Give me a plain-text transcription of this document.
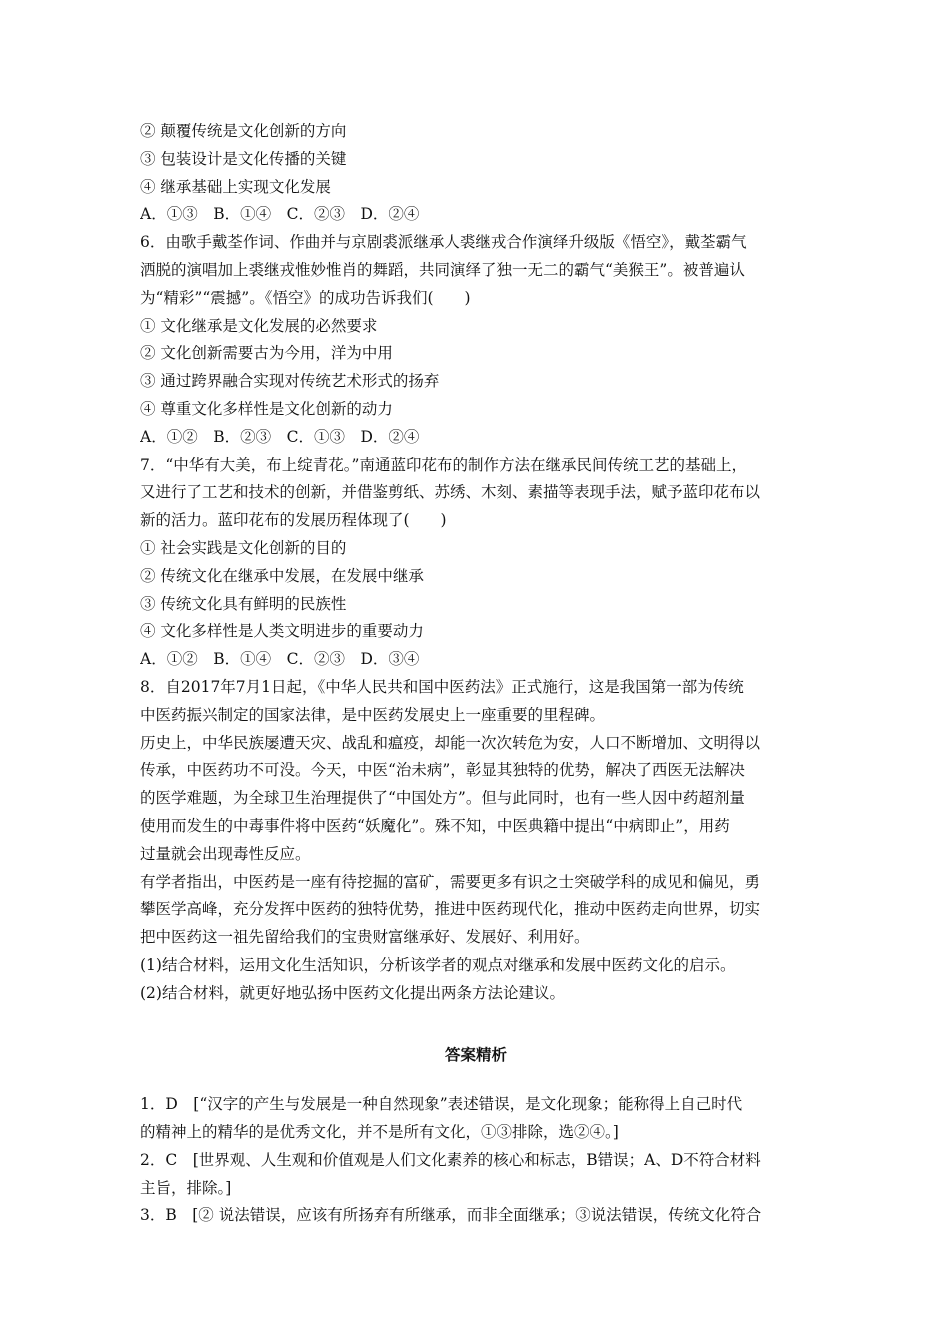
② 颠覆传统是文化创新的方向
③ 包装设计是文化传播的关键
④ 继承基础上实现文化发展
A．①③　B．①④　C．②③　D．②④
6．由歌手戴荃作词、作曲并与京剧裘派继承人裘继戎合作演绎升级版《悟空》，戴荃霸气
洒脱的演唱加上裘继戎惟妙惟肖的舞蹈，共同演绎了独一无二的霸气“美猴王”。被普遍认
为“精彩”“震撼”。《悟空》的成功告诉我们(　　)
① 文化继承是文化发展的必然要求
② 文化创新需要古为今用，洋为中用
③ 通过跨界融合实现对传统艺术形式的扬弃
④ 尊重文化多样性是文化创新的动力
A．①②　B．②③　C．①③　D．②④
7．“中华有大美，布上绽青花。”南通蓝印花布的制作方法在继承民间传统工艺的基础上，
又进行了工艺和技术的创新，并借鉴剪纸、苏绣、木刻、素描等表现手法，赋予蓝印花布以
新的活力。蓝印花布的发展历程体现了(　　)
① 社会实践是文化创新的目的
② 传统文化在继承中发展，在发展中继承
③ 传统文化具有鲜明的民族性
④ 文化多样性是人类文明进步的重要动力
A．①②　B．①④　C．②③　D．③④
8．自2017年7月1日起，《中华人民共和国中医药法》正式施行，这是我国第一部为传统
中医药振兴制定的国家法律，是中医药发展史上一座重要的里程碑。
历史上，中华民族屡遭天灾、战乱和瘟疫，却能一次次转危为安，人口不断增加、文明得以
传承，中医药功不可没。今天，中医“治未病”，彰显其独特的优势，解决了西医无法解决
的医学难题，为全球卫生治理提供了“中国处方”。但与此同时，也有一些人因中药超剂量
使用而发生的中毒事件将中医药“妖魔化”。殊不知，中医典籍中提出“中病即止”，用药
过量就会出现毒性反应。
有学者指出，中医药是一座有待挖掘的富矿，需要更多有识之士突破学科的成见和偏见，勇
攀医学高峰，充分发挥中医药的独特优势，推进中医药现代化，推动中医药走向世界，切实
把中医药这一祖先留给我们的宝贵财富继承好、发展好、利用好。
(1)结合材料，运用文化生活知识，分析该学者的观点对继承和发展中医药文化的启示。
(2)结合材料，就更好地弘扬中医药文化提出两条方法论建议。
答案精析
1．D　[“汉字的产生与发展是一种自然现象”表述错误，是文化现象；能称得上自己时代
的精神上的精华的是优秀文化，并不是所有文化，①③排除，选②④。]
2．C　[世界观、人生观和价值观是人们文化素养的核心和标志，B错误；A、D不符合材料
主旨，排除。]
3．B　[② 说法错误，应该有所扬弃有所继承，而非全面继承；③说法错误，传统文化符合
